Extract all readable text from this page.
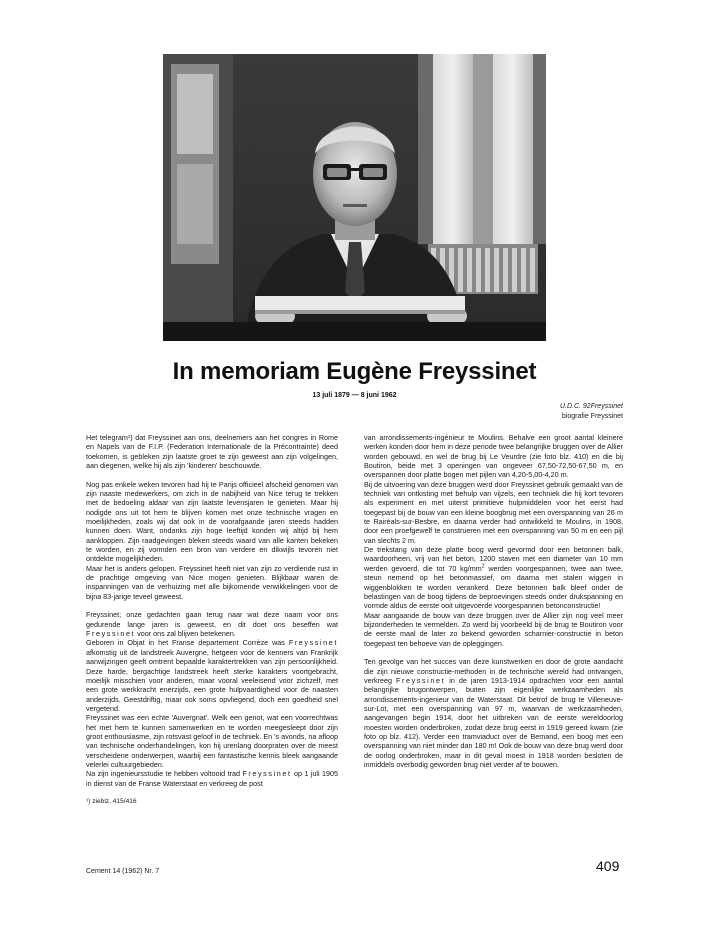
In memoriam Eugène Freyssinet
13 juli 1879 — 8 juni 1962
U.D.C. 92Freyssinet
biografie Freyssinet

Het telegram¹) dat Freyssinet aan ons, deelnemers aan het congres in Rome en Napels van de F.I.P. (Federation Internationale de la Précontrainte) deed toekomen, is gebleken zijn laatste groet te zijn geweest aan zijn volgelingen, aan diegenen, welke hij als zijn 'kinderen' beschouwde.

Nog pas enkele weken tevoren had hij te Parijs officieel afscheid genomen van zijn naaste medewerkers, om zich in de nabijheid van Nice terug te trekken met de bedoeling aldaar van zijn laatste levensjaren te genieten. Maar hij nodigde ons uit tot hem te blijven komen met onze technische vragen en moeilijkheden, zoals wij dat ook in de voorafgaande jaren steeds hadden kunnen doen. Want, ondanks zijn hoge leeftijd konden wij altijd bij hem aankloppen. Zijn raadgevingen bleken steeds waard van alle kanten bekeken te worden, en zij vormden een bron van verdere en dikwijls tevoren niet ontdekte mogelijkheden.
Maar het is anders gelopen. Freyssinet heeft niet van zijn zo verdiende rust in de prachtige omgeving van Nice mogen genieten. Blijkbaar waren de inspanningen van de verhuizing met alle bijkomende verwikkelingen voor de bijna 83-jarige teveel geweest.

Freyssinet; onze gedachten gaan terug naar wat deze naam voor ons gedurende lange jaren is geweest, en dit doet ons beseffen wat Freyssinet voor ons zal blijven betekenen.
Geboren in Objat in het Franse departement Corrèze was Freyssinet afkomstig uit de landstreek Auvergne, hetgeen voor de kenners van Frankrijk aanwijzingen geeft omtrent bepaalde karaktertrekken van zijn persoonlijkheid. Deze harde, bergachtige landstreek heeft sterke karakters voortgebracht, moeilijk misschien voor anderen, maar vooral veeleisend voor zichzelf, met een grote werkkracht enerzijds, een grote hulpvaardigheid voor de naasten anderzijds. Geestdriftig, maar ook soms opvliegend, doch een goedheid snel vergetend.
Freyssinet was een echte 'Auvergnat'. Welk een genot, wat een voorrechtwas het met hem te kunnen samenwerken en te worden meegesleept door zijn groot enthousiasme, zijn rotsvast geloof in de techniek. En 's avonds, na afloop van technische onderhandelingen, kon hij urenlang doorpraten over de meest verscheidene onderwerpen, waarbij een fantastische kennis bleek aangaande velerlei cultuurgebieden.
Na zijn ingenieursstudie te hebben voltooid trad Freyssinet op 1 juli 1905 in dienst van de Franse Waterstaat en verkreeg de post

¹) zieblz. 415/416

van arrondissements-ingénieur te Moulins. Behalve een groot aantal kleinere werken konden door hem in deze periode twee belangrijke bruggen over de Allier worden gebouwd, en wel de brug bij Le Veurdre (zie foto blz. 410) en die bij Boutiron, beide met 3 openingen van ongeveer 67,50-72,50-67,50 m, en overspannen door platte bogen met pijlen van 4,20-5,00-4,20 m.
Bij de uitvoering van deze bruggen werd door Freyssinet gebruik gemaakt van de techniek van ontkisting met behulp van vijzels, een techniek die hij kort tevoren als experiment en met uiterst primitieve hulpmiddelen voor het eerst had toegepast bij de bouw van een kleine boogbrug met een overspanning van 26 m te Rairéals-sur-Besbre, en daarna verder had ontwikkeld te Moulins, in 1908, door een proefgewelf te construeren met een overspanning van 50 m en een pijl van slechts 2 m.
De trekstang van deze platte boog werd gevormd door een betonnen balk, waardoorheen, vrij van het beton, 1200 staven met een diameter van 10 mm werden gevoerd, die tot 70 $kg/mm^2$ werden voorgespannen, twee aan twee, steun nemend op het betonmassief, om daarna met stalen wiggen in wiggenblokken te worden verankerd. Deze betonnen balk bleef onder de belastingen van de boog tijdens de beproevingen steeds onder drukspanning en vormde aldus de eerste ooit uitgevoerde voorgespannen betonconstructie!
Maar aangaande de bouw van deze bruggen over de Allier zijn nog veel meer bijzonderheden te vermelden. Zo werd bij voorbeeld bij de brug te Boutiron voor de eerste maal de later zo bekend geworden scharnier-constructie in beton toegepast ten behoeve van de opleggingen.

Ten gevolge van het succes van deze kunstwerken en door de grote aandacht die zijn nieuwe constructie-methoden in de technische wereld had ontvangen, verkreeg Freyssinet in de jaren 1913-1914 opdrachten voor een aantal belangrijke brugontwerpen, buiten zijn eigenlijke werkzaamheden als arrondissements-ingenieur van de Waterstaat. Dit betrof de brug te Villeneuve-sur-Lot, met een overspanning van 97 m, waarvan de werkzaamheden, aangevangen begin 1914, door het uitbreken van de eerste wereldoorlog moesten worden onderbroken, zodat deze brug eerst in 1919 gereed kwam (zie foto op blz. 412). Verder een tramviaduct over de Bemand, een boog met een overspanning van niet minder dan 180 m! Ook de bouw van deze brug werd door de oorlog onderbroken, maar in dit geval moest in 1918 worden besloten de inmiddels overbodig geworden brug niet verder af te bouwen.

Cement 14 (1962) Nr. 7	409
